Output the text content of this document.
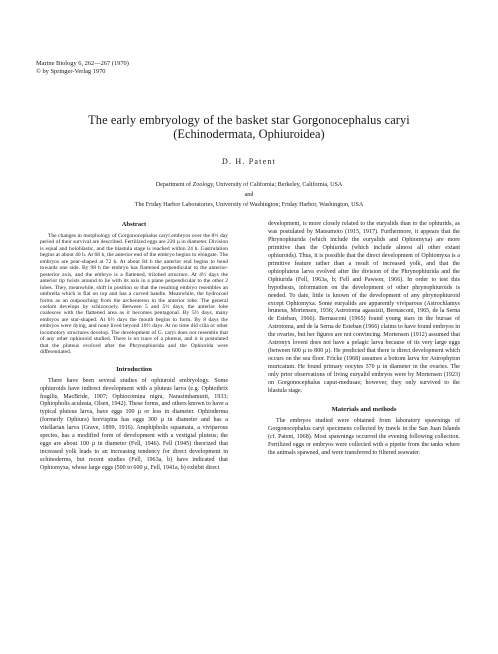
Marine Biology 6, 262—267 (1970)
© by Springer-Verlag 1970

The early embryology of the basket star Gorgonocephalus caryi

(Echinodermata, Ophiuroidea)

D. H. Patent
Department of Zoology, University of California; Berkeley, California, USA
and
The Friday Harbor Laboratories, University of Washington; Friday Harbor, Washington, USA
Abstract

The changes in morphology of Gorgonocephalus caryi embryos over the 8½ day period of their survival are described. Fertilized eggs are 220 µ in diameter. Division is equal and holoblastic, and the blastula stage is reached within 24 h. Gastrulation begins at about 40 h. At 68 h, the anterior end of the embryo begins to elongate. The embryos are pear-shaped at 72 h. At about 84 h the anterior end begins to bend towards one side. By 98 h the embryo has flattened perpendicular to the anterior-posterior axis, and the embryo is a flattened, trilobed structure. At 4½ days the anterior tip twists around to lie with its axis in a plane perpendicular to the other 2 lobes. They, meanwhile, shift in position so that the resulting embryo resembles an umbrella which is flat on top and has a curved handle. Meanwhile, the hydrocoel forms as an outpouching from the archenteron in the anterior lobe. The general coelom develops by schizocoely. Between 5 and 5½ days, the anterior lobe coalesces with the flattened area as it becomes pentagonal. By 5½ days, many embryos are star-shaped. At 6½ days the mouth begins to form. By 8 days the embryos were dying, and none lived beyond 10½ days. At no time did cilia or other locomotory structures develop. The development of G. caryi does not resemble that of any other ophiuroid studied. There is no trace of a pluteus, and it is postulated that the pluteus evolved after the Phrynophiurida and the Ophiurida were differentiated.

Introduction

There have been several studies of ophiuroid embryology. Some ophiuroids have indirect development with a pluteus larva (e.g. Ophiothrix fragilis, MacBride, 1907; Ophiocomina nigra, Narasimhamurti, 1933; Ophiopholis aculeata, Olsen, 1942). These forms, and others known to have a typical pluteus larva, have eggs 100 µ or less in diameter. Ophioderma (formerly Ophiura) brevispina has eggs 300 µ in diameter and has a vitellarian larva (Grave, 1899, 1916). Amphipholis squamata, a viviparous species, has a modified form of development with a vestigial pluteus; the eggs are about 100 µ in diameter (Fell, 1946). Fell (1945) theorized that increased yolk leads to an increasing tendency for direct development in echinoderms, but recent studies (Fell, 1963a, b) have indicated that Ophiomyxa, whose large eggs (500 to 600 µ, Fell, 1941a, b) exhibit direct

development, is more closely related to the euryalids than to the ophiurids, as was postulated by Matsumoto (1915, 1917). Furthermore, it appears that the Phrynophiurida (which include the euryalids and Ophiomyxa) are more primitive than the Ophiurida (which include almost all other extant ophiuroids). Thus, it is possible that the direct development of Ophiomyxa is a primitive feature rather than a result of increased yolk, and that the ophiopluteus larva evolved after the division of the Phrynophiurida and the Ophiurida (Fell, 1963a, b; Fell and Pawson, 1966). In order to test this hypothesis, information on the development of other phrynophiuroids is needed. To date, little is known of the development of any phrynophiuroid except Ophiomyxa. Some euryalids are apparently viviparous (Astrochlamys bruneus, Mortensen, 1936; Astrotoma agassizii, Bernasconi, 1965, de la Serna de Esteban, 1966). Bernasconi (1965) found young stars in the bursae of Astrotoma, and de la Serna de Esteban (1966) claims to have found embryos in the ovaries, but her figures are not convincing. Mortensen (1912) assumed that Astronyx loveni does not have a pelagic larva because of its very large eggs (between 600 µ to 800 µ). He predicted that there is direct development which occurs on the sea floor. Fricke (1968) assumes a bottom larva for Astrophyton muricatum. He found primary oocytes 370 µ in diameter in the ovaries. The only prior observations of living euryalid embryos were by Mortensen (1923) on Gorgonocephalus caput-medusae; however, they only survived to the blastula stage.

Materials and methods

The embryos studied were obtained from laboratory spawnings of Gorgonocephalus caryi specimens collected by trawls in the San Juan Islands (cf. Patent, 1968). Most spawnings occurred the evening following collection. Fertilized eggs or embryos were collected with a pipette from the tanks where the animals spawned, and were transferred to filtered seawater.
